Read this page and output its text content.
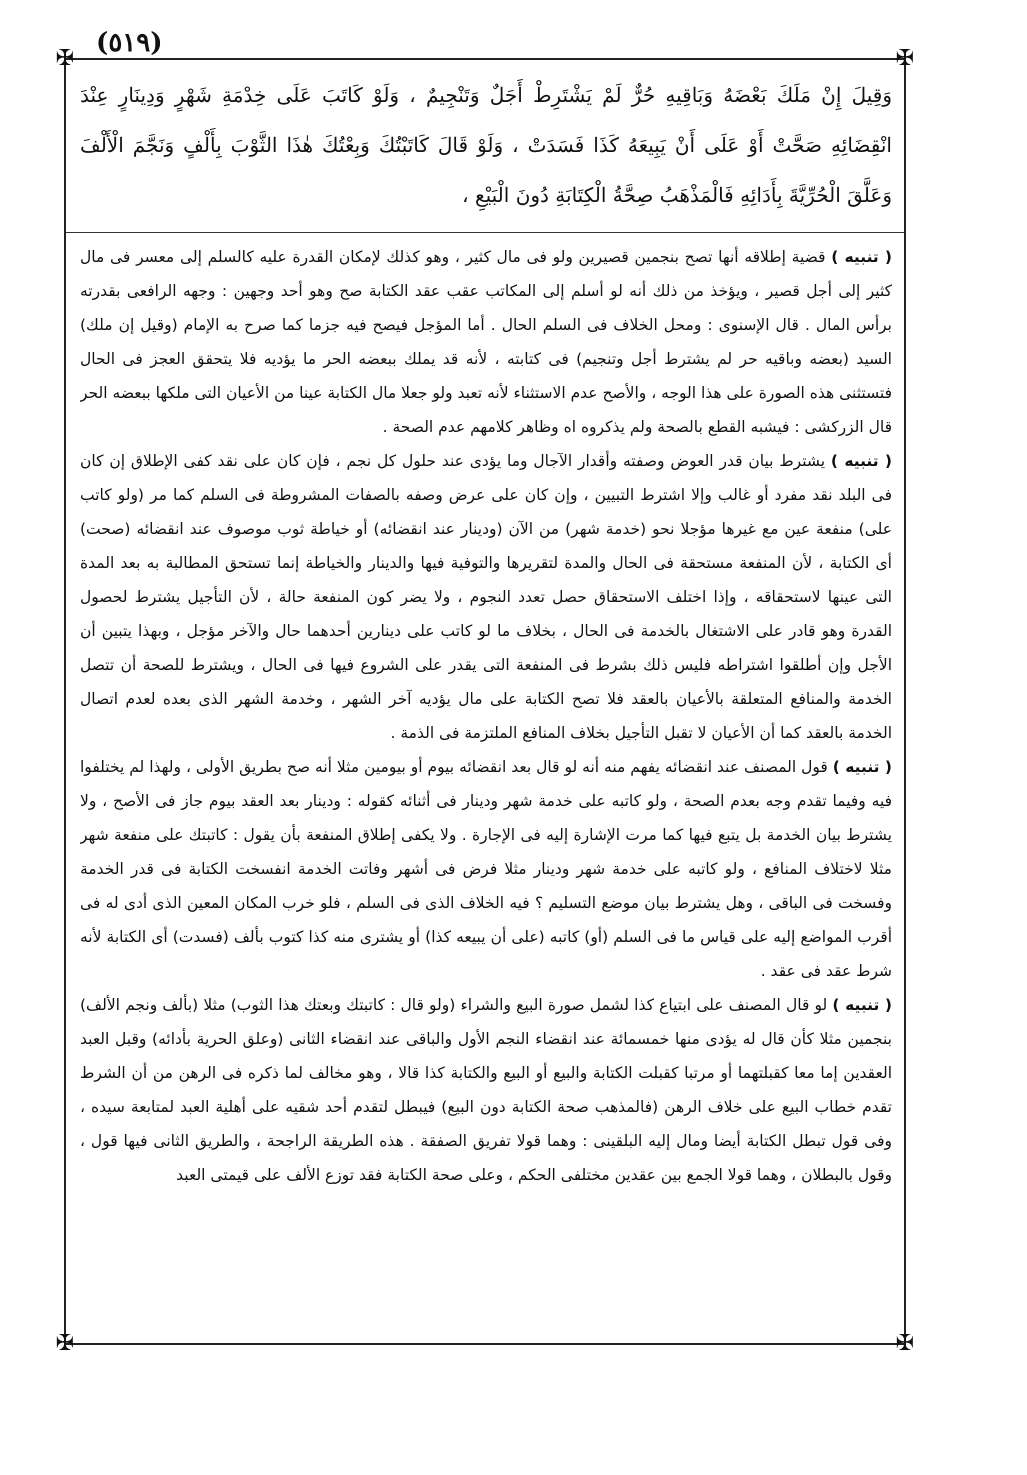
✠	✠
✠	✠
(٥١٩)

وَقِيلَ إِنْ مَلَكَ بَعْضَهُ وَبَاقِيهِ حُرٌّ لَمْ يَشْتَرِطْ أَجَلٌ وَتَنْجِيمٌ ، وَلَوْ كَاتَبَ عَلَى خِدْمَةِ شَهْرٍ وَدِينَارٍ عِنْدَ انْقِضَائِهِ صَحَّتْ أَوْ عَلَى أَنْ يَبِيعَهُ كَذَا فَسَدَتْ ، وَلَوْ قَالَ كَاتَبْتُكَ وَبِعْتُكَ هٰذَا الثَّوْبَ بِأَلْفٍ وَنَجَّمَ الْأَلْفَ وَعَلَّقَ الْحُرِّيَّةَ بِأَدَائِهِ فَالْمَذْهَبُ صِحَّةُ الْكِتَابَةِ دُونَ الْبَيْعِ ،

( تنبيه ) قضية إطلاقه أنها تصح بنجمين قصيرين ولو فى مال كثير ، وهو كذلك لإمكان القدرة عليه كالسلم إلى معسر فى مال كثير إلى أجل قصير ، ويؤخذ من ذلك أنه لو أسلم إلى المكاتب عقب عقد الكتابة صح وهو أحد وجهين : وجهه الرافعى بقدرته برأس المال . قال الإسنوى : ومحل الخلاف فى السلم الحال . أما المؤجل فيصح فيه جزما كما صرح به الإمام (وقيل إن ملك) السيد (بعضه وباقيه حر لم يشترط أجل وتنجيم) فى كتابته ، لأنه قد يملك ببعضه الحر ما يؤديه فلا يتحقق العجز فى الحال فتستثنى هذه الصورة على هذا الوجه ، والأصح عدم الاستثناء لأنه تعبد ولو جعلا مال الكتابة عينا من الأعيان التى ملكها ببعضه الحر قال الزركشى : فيشبه القطع بالصحة ولم يذكروه اه وظاهر كلامهم عدم الصحة .

( تنبيه ) يشترط بيان قدر العوض وصفته وأقدار الآجال وما يؤدى عند حلول كل نجم ، فإن كان على نقد كفى الإطلاق إن كان فى البلد نقد مفرد أو غالب وإلا اشترط التبيين ، وإن كان على عرض وصفه بالصفات المشروطة فى السلم كما مر (ولو كاتب على) منفعة عين مع غيرها مؤجلا نحو (خدمة شهر) من الآن (ودينار عند انقضائه) أو خياطة ثوب موصوف عند انقضائه (صحت) أى الكتابة ، لأن المنفعة مستحقة فى الحال والمدة لتقريرها والتوفية فيها والدينار والخياطة إنما تستحق المطالبة به بعد المدة التى عينها لاستحقاقه ، وإذا اختلف الاستحقاق حصل تعدد النجوم ، ولا يضر كون المنفعة حالة ، لأن التأجيل يشترط لحصول القدرة وهو قادر على الاشتغال بالخدمة فى الحال ، بخلاف ما لو كاتب على دينارين أحدهما حال والآخر مؤجل ، وبهذا يتبين أن الأجل وإن أطلقوا اشتراطه فليس ذلك بشرط فى المنفعة التى يقدر على الشروع فيها فى الحال ، ويشترط للصحة أن تتصل الخدمة والمنافع المتعلقة بالأعيان بالعقد فلا تصح الكتابة على مال يؤديه آخر الشهر ، وخدمة الشهر الذى بعده لعدم اتصال الخدمة بالعقد كما أن الأعيان لا تقبل التأجيل بخلاف المنافع الملتزمة فى الذمة .

( تنبيه ) قول المصنف عند انقضائه يفهم منه أنه لو قال بعد انقضائه بيوم أو بيومين مثلا أنه صح بطريق الأولى ، ولهذا لم يختلفوا فيه وفيما تقدم وجه بعدم الصحة ، ولو كاتبه على خدمة شهر ودينار فى أثنائه كقوله : ودينار بعد العقد بيوم جاز فى الأصح ، ولا يشترط بيان الخدمة بل يتبع فيها كما مرت الإشارة إليه فى الإجارة . ولا يكفى إطلاق المنفعة بأن يقول : كاتبتك على منفعة شهر مثلا لاختلاف المنافع ، ولو كاتبه على خدمة شهر ودينار مثلا فرض فى أشهر وفاتت الخدمة انفسخت الكتابة فى قدر الخدمة وفسخت فى الباقى ، وهل يشترط بيان موضع التسليم ؟ فيه الخلاف الذى فى السلم ، فلو خرب المكان المعين الذى أدى له فى أقرب المواضع إليه على قياس ما فى السلم (أو) كاتبه (على أن يبيعه كذا) أو يشترى منه كذا كتوب بألف (فسدت) أى الكتابة لأنه شرط عقد فى عقد .

( تنبيه ) لو قال المصنف على ابتياع كذا لشمل صورة البيع والشراء (ولو قال : كاتبتك وبعتك هذا الثوب) مثلا (بألف ونجم الألف) بنجمين مثلا كأن قال له يؤدى منها خمسمائة عند انقضاء النجم الأول والباقى عند انقضاء الثانى (وعلق الحرية بأدائه) وقبل العبد العقدين إما معا كقبلتهما أو مرتبا كقبلت الكتابة والبيع أو البيع والكتابة كذا قالا ، وهو مخالف لما ذكره فى الرهن من أن الشرط تقدم خطاب البيع على خلاف الرهن (فالمذهب صحة الكتابة دون البيع) فيبطل لتقدم أحد شقيه على أهلية العبد لمتابعة سيده ، وفى قول تبطل الكتابة أيضا ومال إليه البلقينى : وهما قولا تفريق الصفقة . هذه الطريقة الراجحة ، والطريق الثانى فيها قول ، وقول بالبطلان ، وهما قولا الجمع بين عقدين مختلفى الحكم ، وعلى صحة الكتابة فقد توزع الألف على قيمتى العبد
